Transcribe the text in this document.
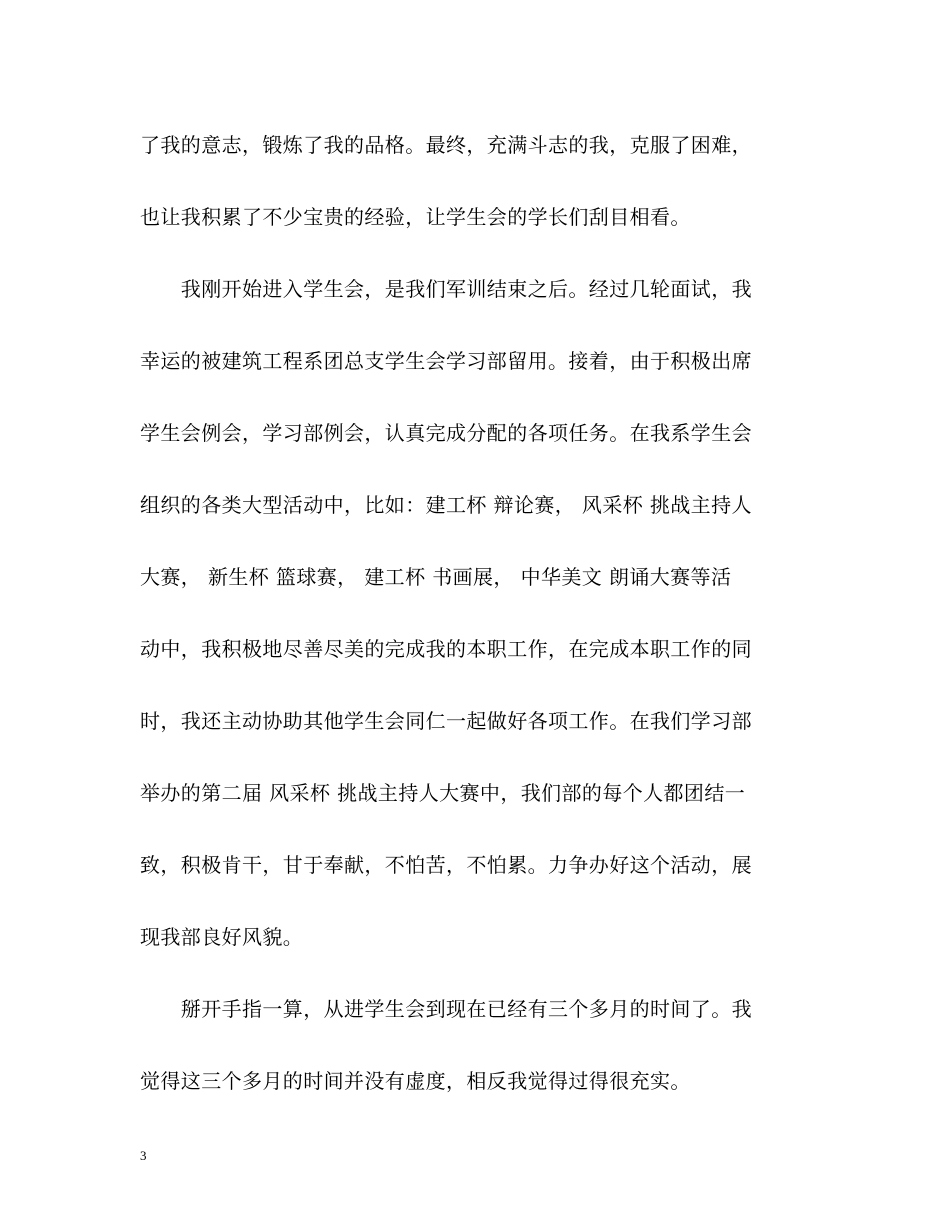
了我的意志，锻炼了我的品格。最终，充满斗志的我，克服了困难，
也让我积累了不少宝贵的经验，让学生会的学长们刮目相看。
　　我刚开始进入学生会，是我们军训结束之后。经过几轮面试，我
幸运的被建筑工程系团总支学生会学习部留用。接着，由于积极出席
学生会例会，学习部例会，认真完成分配的各项任务。在我系学生会
组织的各类大型活动中，比如：建工杯 辩论赛， 风采杯 挑战主持人
大赛， 新生杯 篮球赛， 建工杯 书画展， 中华美文 朗诵大赛等活
动中，我积极地尽善尽美的完成我的本职工作，在完成本职工作的同
时，我还主动协助其他学生会同仁一起做好各项工作。在我们学习部
举办的第二届 风采杯 挑战主持人大赛中，我们部的每个人都团结一
致，积极肯干，甘于奉献，不怕苦，不怕累。力争办好这个活动，展
现我部良好风貌。
　　掰开手指一算，从进学生会到现在已经有三个多月的时间了。我
觉得这三个多月的时间并没有虚度，相反我觉得过得很充实。
3
